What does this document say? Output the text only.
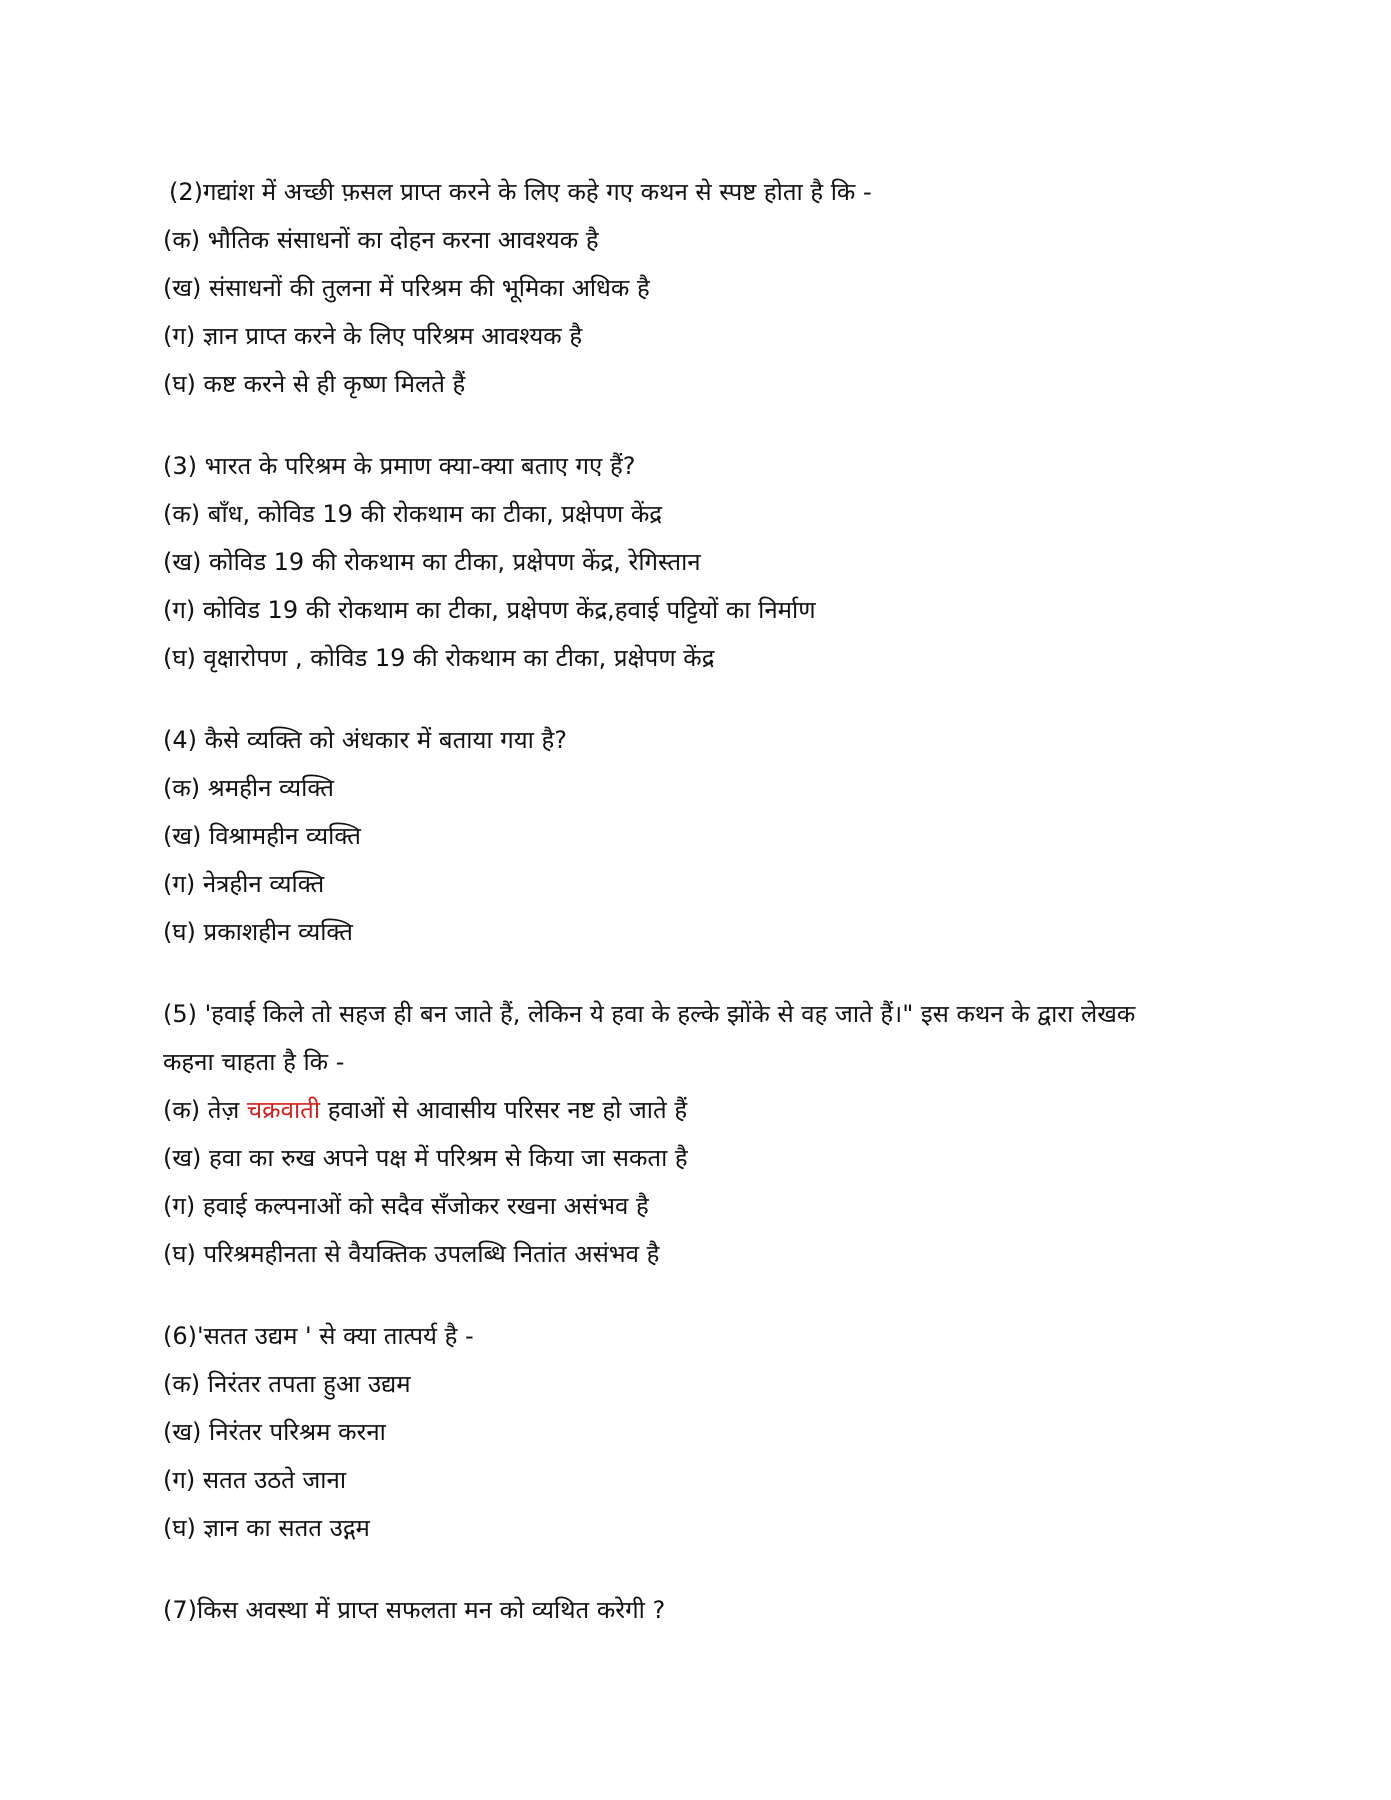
(2)गद्यांश में अच्छी फ़सल प्राप्त करने के लिए कहे गए कथन से स्पष्ट होता है कि -
(क) भौतिक संसाधनों का दोहन करना आवश्यक है
(ख) संसाधनों की तुलना में परिश्रम की भूमिका अधिक है
(ग) ज्ञान प्राप्त करने के लिए परिश्रम आवश्यक है
(घ) कष्ट करने से ही कृष्ण मिलते हैं
(3) भारत के परिश्रम के प्रमाण क्या-क्या बताए गए हैं?
(क) बाँध, कोविड 19 की रोकथाम का टीका, प्रक्षेपण केंद्र
(ख) कोविड 19 की रोकथाम का टीका, प्रक्षेपण केंद्र, रेगिस्तान
(ग) कोविड 19 की रोकथाम का टीका, प्रक्षेपण केंद्र,हवाई पट्टियों का निर्माण
(घ) वृक्षारोपण , कोविड 19 की रोकथाम का टीका, प्रक्षेपण केंद्र
(4) कैसे व्यक्ति को अंधकार में बताया गया है?
(क) श्रमहीन व्यक्ति
(ख) विश्रामहीन व्यक्ति
(ग) नेत्रहीन व्यक्ति
(घ) प्रकाशहीन व्यक्ति
(5) 'हवाई किले तो सहज ही बन जाते हैं, लेकिन ये हवा के हल्के झोंके से वह जाते हैं।" इस कथन के द्वारा लेखक
कहना चाहता है कि -
(क) तेज़ चक्रवाती हवाओं से आवासीय परिसर नष्ट हो जाते हैं
(ख) हवा का रुख अपने पक्ष में परिश्रम से किया जा सकता है
(ग) हवाई कल्पनाओं को सदैव सँजोकर रखना असंभव है
(घ) परिश्रमहीनता से वैयक्तिक उपलब्धि नितांत असंभव है
(6)'सतत उद्यम ' से क्या तात्पर्य है -
(क) निरंतर तपता हुआ उद्यम
(ख) निरंतर परिश्रम करना
(ग) सतत उठते जाना
(घ) ज्ञान का सतत उद्गम
(7)किस अवस्था में प्राप्त सफलता मन को व्यथित करेगी ?
